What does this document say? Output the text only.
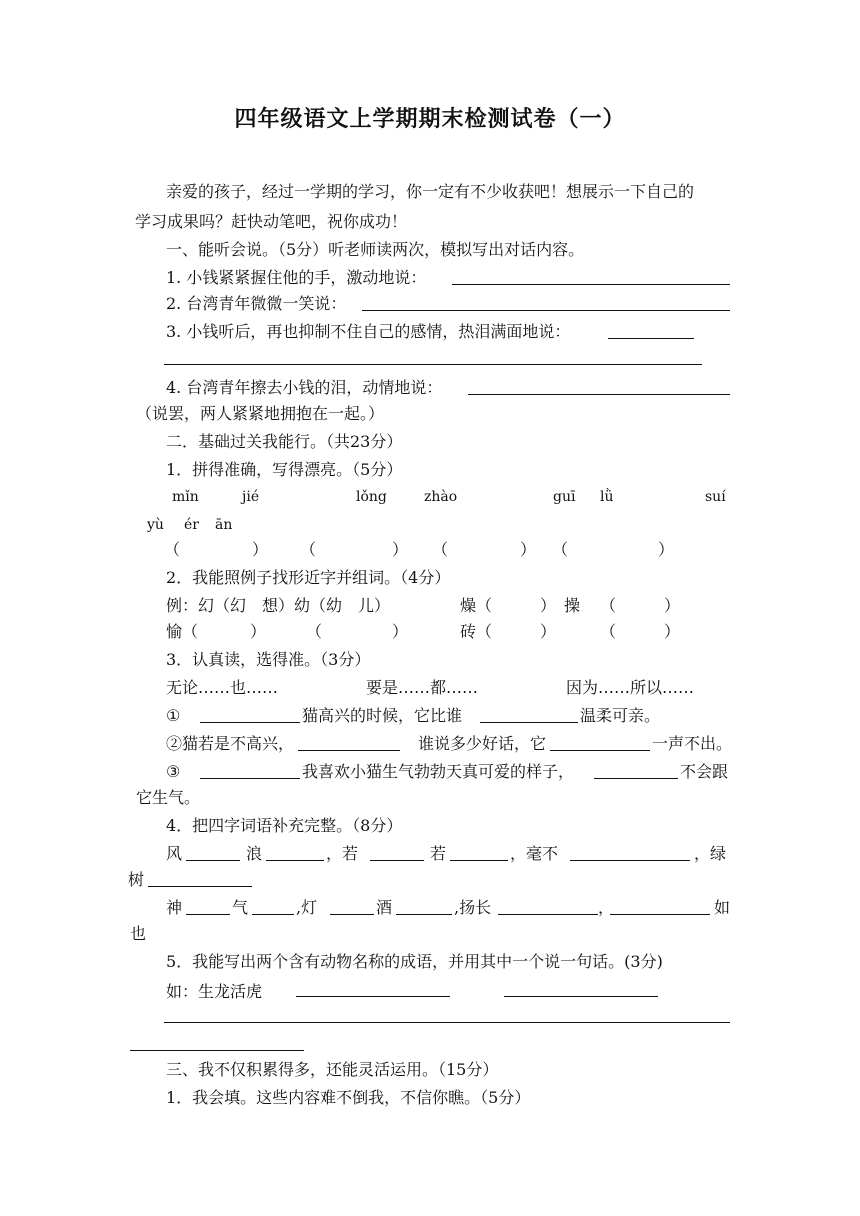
四年级语文上学期期末检测试卷（一）
亲爱的孩子，经过一学期的学习，你一定有不少收获吧！想展示一下自己的
学习成果吗？赶快动笔吧，祝你成功！
一、能听会说。（5分）听老师读两次，模拟写出对话内容。
1. 小钱紧紧握住他的手，激动地说：
2. 台湾青年微微一笑说：
3. 小钱听后，再也抑制不住自己的感情，热泪满面地说：
4. 台湾青年擦去小钱的泪，动情地说：
（说罢，两人紧紧地拥抱在一起。）
二．基础过关我能行。（共23分）
1．拼得准确，写得漂亮。（5分）
mǐn	jié	lǒng	zhào	guī lǜ	suí
yù ér ān
（	） （	） （	） （	）
2．我能照例子找形近字并组词。（4分）
例：幻（幻　想）幼（幼　儿）	燥 （	） 操 （	）
愉 （	） （	）	砖 （	）	（	）
3．认真读，选得准。（3分）
无论……也……	要是……都……	因为……所以……
①	猫高兴的时候，它比谁	温柔可亲。
②猫若是不高兴，	谁说多少好话，它	一声不出。
③	我喜欢小猫生气勃勃天真可爱的样子，	不会跟
它生气。
4．把四字词语补充完整。（8分）
风	浪	，若	若	，毫不	，绿
树
神	气	,灯	酒	,扬长	，	如
也
5．我能写出两个含有动物名称的成语，并用其中一个说一句话。(3分)
如：生龙活虎
三、我不仅积累得多，还能灵活运用。（15分）
1．我会填。这些内容难不倒我，不信你瞧。（5分）
